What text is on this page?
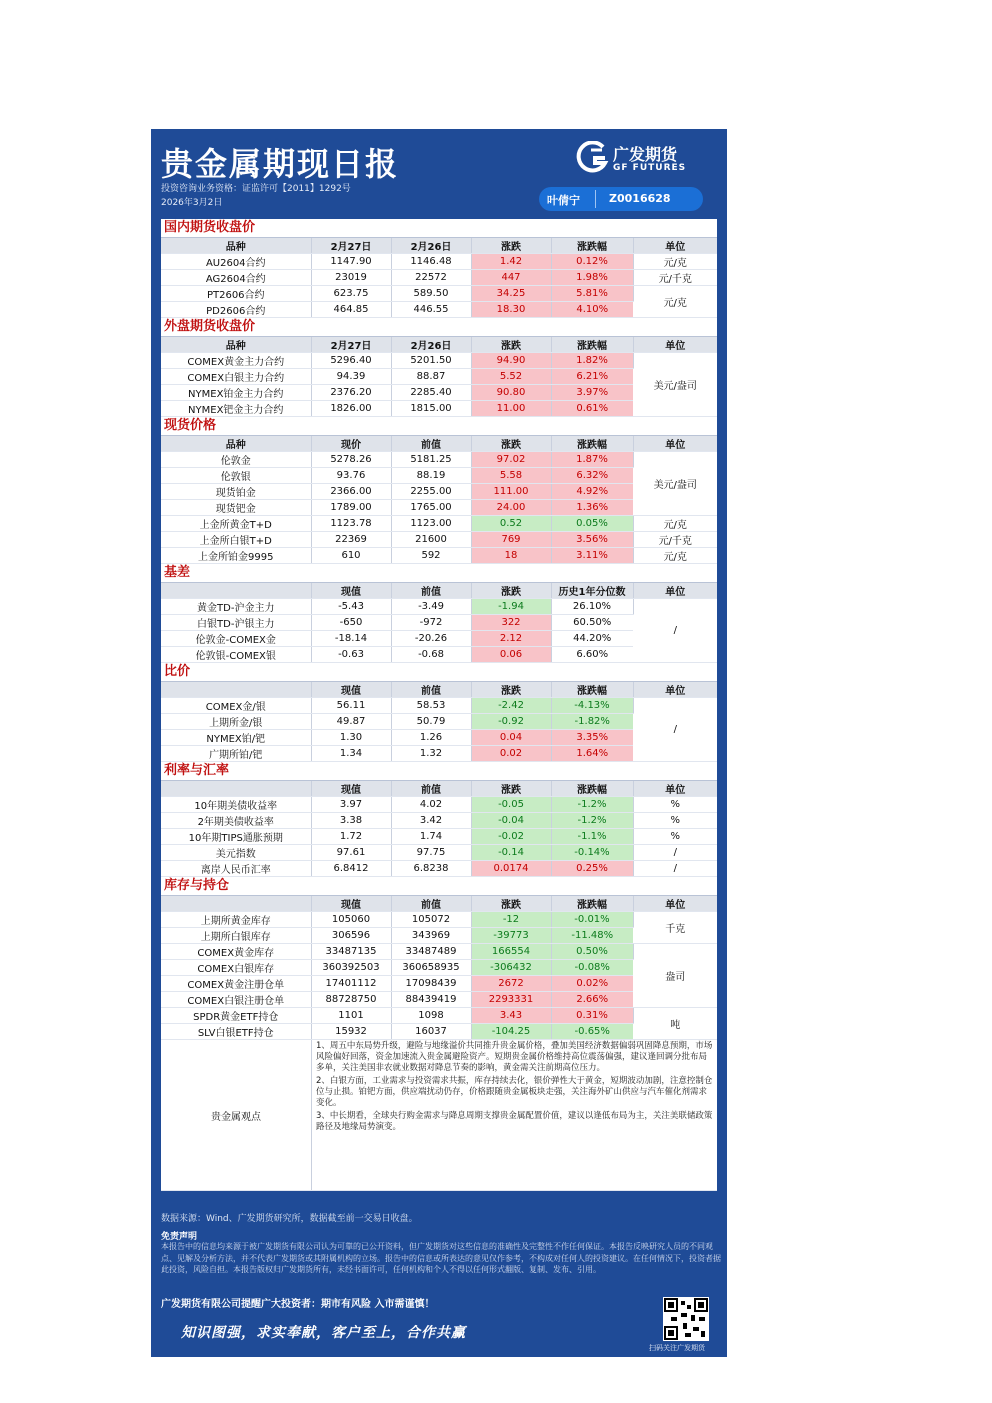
贵金属期现日报
投资咨询业务资格：证监许可【2011】1292号
2026年3月2日
广发期货
GF FUTURES
叶倩宁	Z0016628
国内期货收盘价
品种	2月27日	2月26日	涨跌	涨跌幅	单位
AU2604合约	1147.90	1146.48	1.42	0.12%	元/克
AG2604合约	23019	22572	447	1.98%	元/千克
PT2606合约	623.75	589.50	34.25	5.81%	元/克
PD2606合约	464.85	446.55	18.30	4.10%	
外盘期货收盘价
品种	2月27日	2月26日	涨跌	涨跌幅	单位
COMEX黄金主力合约	5296.40	5201.50	94.90	1.82%	美元/盎司
COMEX白银主力合约	94.39	88.87	5.52	6.21%	
NYMEX铂金主力合约	2376.20	2285.40	90.80	3.97%	
NYMEX钯金主力合约	1826.00	1815.00	11.00	0.61%	
现货价格
品种	现价	前值	涨跌	涨跌幅	单位
伦敦金	5278.26	5181.25	97.02	1.87%	美元/盎司
伦敦银	93.76	88.19	5.58	6.32%	
现货铂金	2366.00	2255.00	111.00	4.92%	
现货钯金	1789.00	1765.00	24.00	1.36%	
上金所黄金T+D	1123.78	1123.00	0.52	0.05%	元/克
上金所白银T+D	22369	21600	769	3.56%	元/千克
上金所铂金9995	610	592	18	3.11%	元/克
基差
	现值	前值	涨跌	历史1年分位数	单位
黄金TD-沪金主力	-5.43	-3.49	-1.94	26.10%	/
白银TD-沪银主力	-650	-972	322	60.50%	
伦敦金-COMEX金	-18.14	-20.26	2.12	44.20%	
伦敦银-COMEX银	-0.63	-0.68	0.06	6.60%	
比价
	现值	前值	涨跌	涨跌幅	单位
COMEX金/银	56.11	58.53	-2.42	-4.13%	/
上期所金/银	49.87	50.79	-0.92	-1.82%	
NYMEX铂/钯	1.30	1.26	0.04	3.35%	
广期所铂/钯	1.34	1.32	0.02	1.64%	
利率与汇率
	现值	前值	涨跌	涨跌幅	单位
10年期美债收益率	3.97	4.02	-0.05	-1.2%	%
2年期美债收益率	3.38	3.42	-0.04	-1.2%	%
10年期TIPS通胀预期	1.72	1.74	-0.02	-1.1%	%
美元指数	97.61	97.75	-0.14	-0.14%	/
离岸人民币汇率	6.8412	6.8238	0.0174	0.25%	/
库存与持仓
	现值	前值	涨跌	涨跌幅	单位
上期所黄金库存	105060	105072	-12	-0.01%	千克
上期所白银库存	306596	343969	-39773	-11.48%	
COMEX黄金库存	33487135	33487489	166554	0.50%	盎司
COMEX白银库存	360392503	360658935	-306432	-0.08%	
COMEX黄金注册仓单	17401112	17098439	2672	0.02%	
COMEX白银注册仓单	88728750	88439419	2293331	2.66%	
SPDR黄金ETF持仓	1101	1098	3.43	0.31%	吨
SLV白银ETF持仓	15932	16037	-104.25	-0.65%	
贵金属观点	
1、周五中东局势升级，避险与地缘溢价共同推升贵金属价格，叠加美国经济数据偏弱巩固降息预期，市场风险偏好回落，资金加速流入贵金属避险资产。短期贵金属价格维持高位震荡偏强，建议逢回调分批布局多单，关注美国非农就业数据对降息节奏的影响，黄金需关注前期高位压力。
2、白银方面，工业需求与投资需求共振，库存持续去化，银价弹性大于黄金，短期波动加剧，注意控制仓位与止损。铂钯方面，供应端扰动仍存，价格跟随贵金属板块走强，关注海外矿山供应与汽车催化剂需求变化。
3、中长期看，全球央行购金需求与降息周期支撑贵金属配置价值，建议以逢低布局为主，关注美联储政策路径及地缘局势演变。
数据来源：Wind、广发期货研究所，数据截至前一交易日收盘。
免责声明
本报告中的信息均来源于被广发期货有限公司认为可靠的已公开资料，但广发期货对这些信息的准确性及完整性不作任何保证。本报告反映研究人员的不同观点、见解及分析方法，并不代表广发期货或其附属机构的立场。报告中的信息或所表达的意见仅作参考，不构成对任何人的投资建议。在任何情况下，投资者据此投资，风险自担。本报告版权归广发期货所有，未经书面许可，任何机构和个人不得以任何形式翻版、复制、发布、引用。
广发期货有限公司提醒广大投资者：期市有风险 入市需谨慎！
知识图强，求实奉献，客户至上，合作共赢
扫码关注广发期货
